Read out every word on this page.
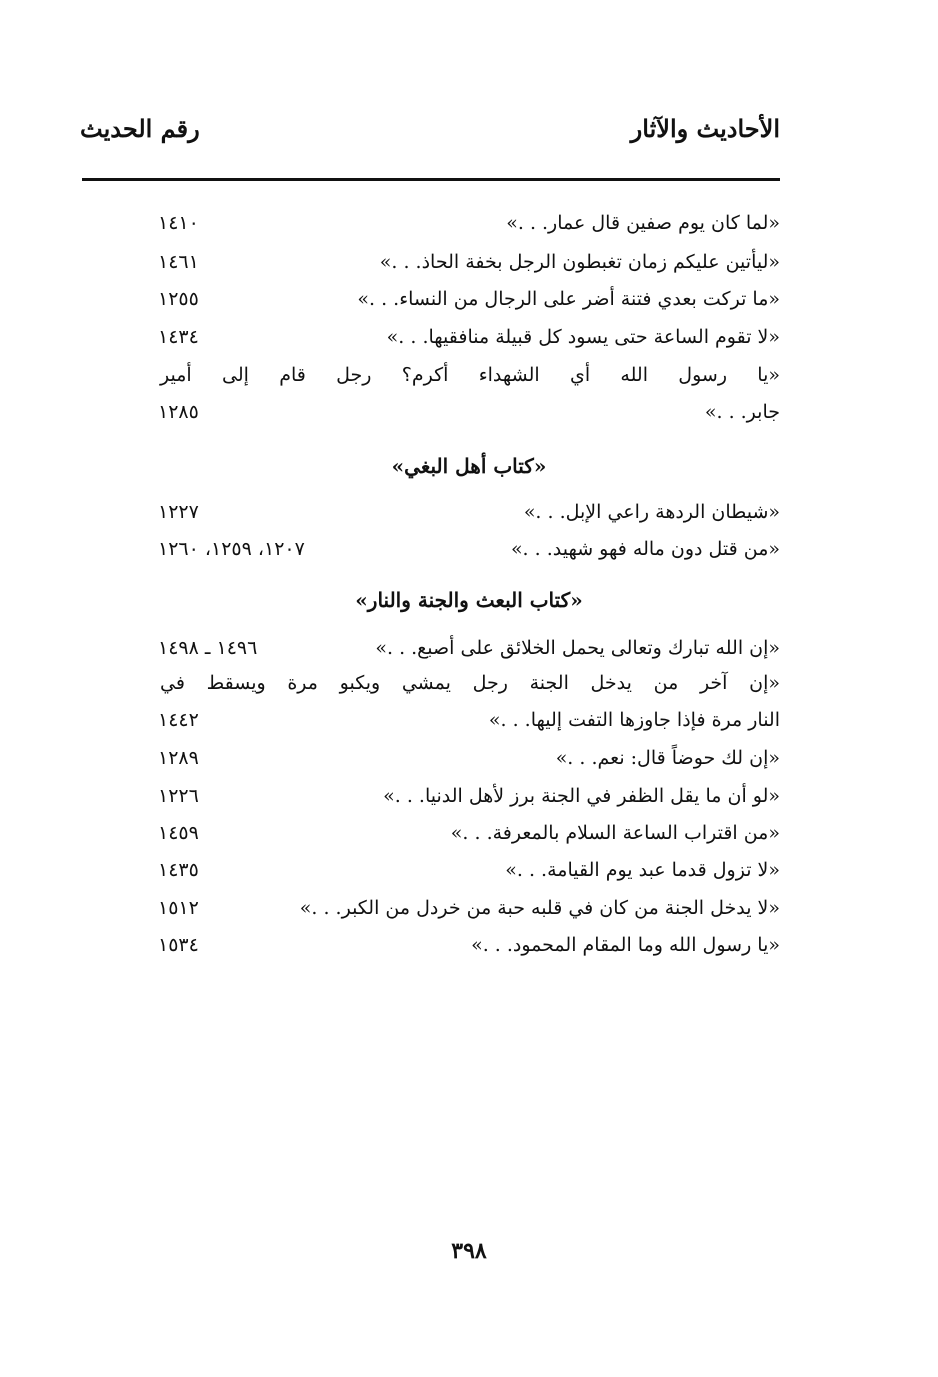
الأحاديث والآثار
رقم الحديث
«لما كان يوم صفين قال عمار. . .»
١٤١٠
«ليأتين عليكم زمان تغبطون الرجل بخفة الحاذ. . .»
١٤٦١
«ما تركت بعدي فتنة أضر على الرجال من النساء. . .»
١٢٥٥
«لا تقوم الساعة حتى يسود كل قبيلة منافقيها. . .»
١٤٣٤
«يا رسول الله أي الشهداء أكرم؟ رجل قام إلى أمير
جابر. . .»
١٢٨٥
«كتاب أهل البغي»
«شيطان الردهة راعي الإبل. . .»
١٢٢٧
«من قتل دون ماله فهو شهيد. . .»
١٢٠٧، ١٢٥٩، ١٢٦٠
«كتاب البعث والجنة والنار»
«إن الله تبارك وتعالى يحمل الخلائق على أصبع. . .»
١٤٩٦ ـ ١٤٩٨
«إن آخر من يدخل الجنة رجل يمشي ويكبو مرة ويسقط في
النار مرة فإذا جاوزها التفت إليها. . .»
١٤٤٢
«إن لك حوضاً قال: نعم. . .»
١٢٨٩
«لو أن ما يقل الظفر في الجنة برز لأهل الدنيا. . .»
١٢٢٦
«من اقتراب الساعة السلام بالمعرفة. . .»
١٤٥٩
«لا تزول قدما عبد يوم القيامة. . .»
١٤٣٥
«لا يدخل الجنة من كان في قلبه حبة من خردل من الكبر. . .»
١٥١٢
«يا رسول الله وما المقام المحمود. . .»
١٥٣٤
٣٩٨
